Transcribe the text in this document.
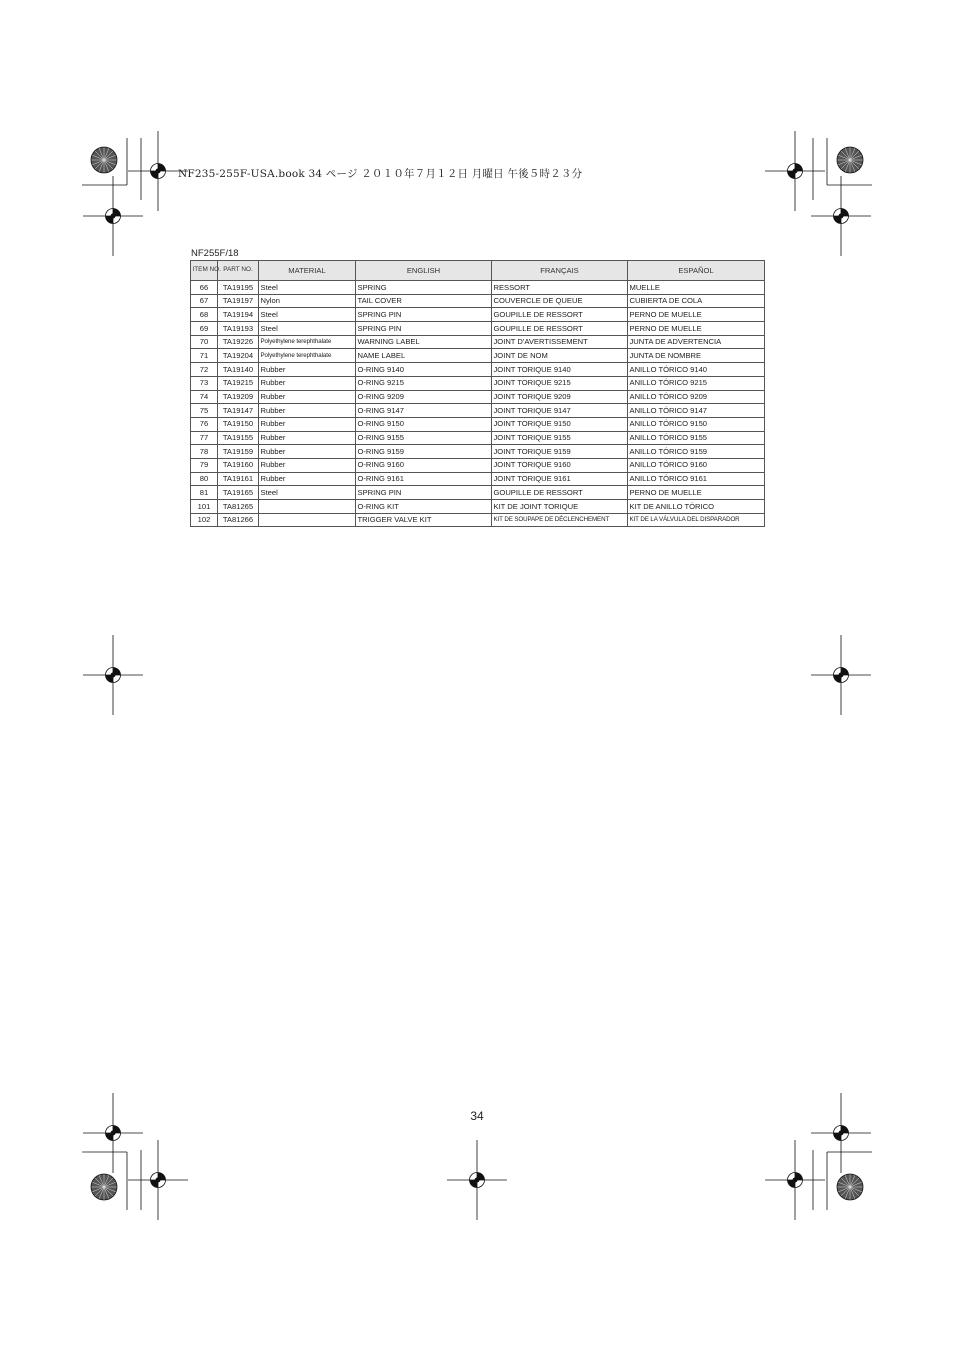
NF235-255F-USA.book 34 ページ ２０１０年７月１２日 月曜日 午後５時２３分
NF255F/18
ITEM NO.	PART NO.	MATERIAL	ENGLISH	FRANÇAIS	ESPAÑOL
66	TA19195	Steel	SPRING	RESSORT	MUELLE
67	TA19197	Nylon	TAIL COVER	COUVERCLE DE QUEUE	CUBIERTA DE COLA
68	TA19194	Steel	SPRING PIN	GOUPILLE DE RESSORT	PERNO DE MUELLE
69	TA19193	Steel	SPRING PIN	GOUPILLE DE RESSORT	PERNO DE MUELLE
70	TA19226	Polyethylene terephthalate	WARNING LABEL	JOINT D'AVERTISSEMENT	JUNTA DE ADVERTENCIA
71	TA19204	Polyethylene terephthalate	NAME LABEL	JOINT DE NOM	JUNTA DE NOMBRE
72	TA19140	Rubber	O-RING 9140	JOINT TORIQUE 9140	ANILLO TÓRICO 9140
73	TA19215	Rubber	O-RING 9215	JOINT TORIQUE 9215	ANILLO TÓRICO 9215
74	TA19209	Rubber	O-RING 9209	JOINT TORIQUE 9209	ANILLO TÓRICO 9209
75	TA19147	Rubber	O-RING 9147	JOINT TORIQUE 9147	ANILLO TÓRICO 9147
76	TA19150	Rubber	O-RING 9150	JOINT TORIQUE 9150	ANILLO TÓRICO 9150
77	TA19155	Rubber	O-RING 9155	JOINT TORIQUE 9155	ANILLO TÓRICO 9155
78	TA19159	Rubber	O-RING 9159	JOINT TORIQUE 9159	ANILLO TÓRICO 9159
79	TA19160	Rubber	O-RING 9160	JOINT TORIQUE 9160	ANILLO TÓRICO 9160
80	TA19161	Rubber	O-RING 9161	JOINT TORIQUE 9161	ANILLO TÓRICO 9161
81	TA19165	Steel	SPRING PIN	GOUPILLE DE RESSORT	PERNO DE MUELLE
101	TA81265		O-RING KIT	KIT DE JOINT TORIQUE	KIT DE ANILLO TÓRICO
102	TA81266		TRIGGER VALVE KIT	KIT DE SOUPAPE DE DÉCLENCHEMENT	KIT DE LA VÁLVULA DEL DISPARADOR
34
